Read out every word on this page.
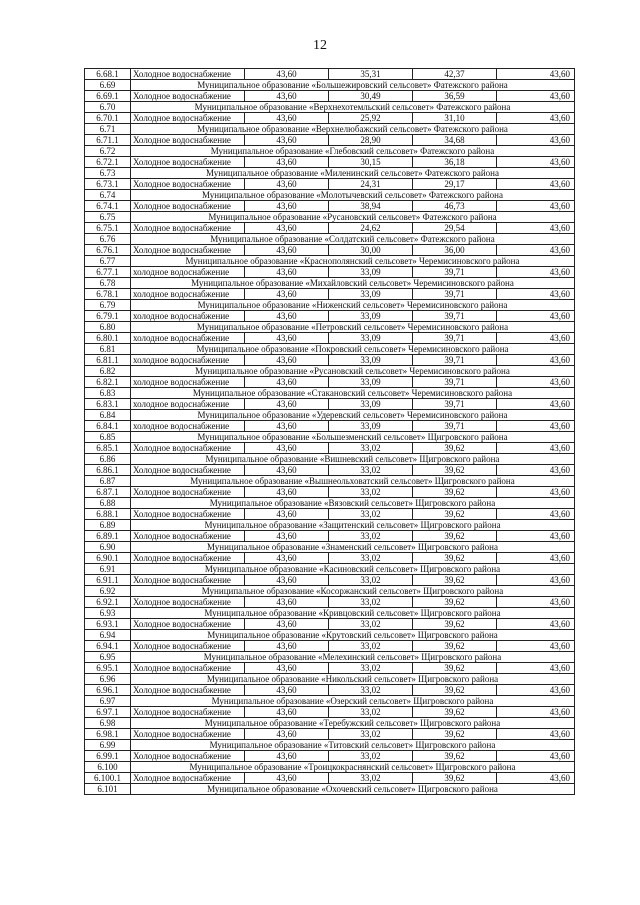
12
6.68.1	Холодное водоснабжение	43,60	35,31	42,37	43,60
6.69	Муниципальное образование «Большежировский сельсовет» Фатежского района				
6.69.1	Холодное водоснабжение	43,60	30,49	36,59	43,60
6.70	Муниципальное образование «Верхнехотемльский сельсовет» Фатежского района				
6.70.1	Холодное водоснабжение	43,60	25,92	31,10	43,60
6.71	Муниципальное образование «Верхнелюбажский сельсовет» Фатежского района				
6.71.1	Холодное водоснабжение	43,60	28,90	34,68	43,60
6.72	Муниципальное образование «Глебовский сельсовет» Фатежского района				
6.72.1	Холодное водоснабжение	43,60	30,15	36,18	43,60
6.73	Муниципальное образование «Миленинский сельсовет» Фатежского района				
6.73.1	Холодное водоснабжение	43,60	24,31	29,17	43,60
6.74	Муниципальное образование «Молотычевский сельсовет» Фатежского района				
6.74.1	Холодное водоснабжение	43,60	38,94	46,73	43,60
6.75	Муниципальное образование «Русановский сельсовет» Фатежского района				
6.75.1	Холодное водоснабжение	43,60	24,62	29,54	43,60
6.76	Муниципальное образование «Солдатский сельсовет» Фатежского района				
6.76.1	Холодное водоснабжение	43,60	30,00	36,00	43,60
6.77	Муниципальное образование «Краснополянский сельсовет» Черемисиновского района				
6.77.1	холодное водоснабжение	43,60	33,09	39,71	43,60
6.78	Муниципальное образование «Михайловский сельсовет» Черемисиновского района				
6.78.1	холодное водоснабжение	43,60	33,09	39,71	43,60
6.79	Муниципальное образование «Ниженский сельсовет» Черемисиновского района				
6.79.1	холодное водоснабжение	43,60	33,09	39,71	43,60
6.80	Муниципальное образование «Петровский сельсовет» Черемисиновского района				
6.80.1	холодное водоснабжение	43,60	33,09	39,71	43,60
6.81	Муниципальное образование «Покровский сельсовет» Черемисиновского района				
6.81.1	холодное водоснабжение	43,60	33,09	39,71	43,60
6.82	Муниципальное образование «Русановский сельсовет» Черемисиновского района				
6.82.1	холодное водоснабжение	43,60	33,09	39,71	43,60
6.83	Муниципальное образование «Стакановский сельсовет» Черемисиновского района				
6.83.1	холодное водоснабжение	43,60	33,09	39,71	43,60
6.84	Муниципальное образование «Удеревский сельсовет» Черемисиновского района				
6.84.1	холодное водоснабжение	43,60	33,09	39,71	43,60
6.85	Муниципальное образование «Большезменский сельсовет» Щигровского района				
6.85.1	Холодное водоснабжение	43,60	33,02	39,62	43,60
6.86	Муниципальное образование «Вишневский сельсовет» Щигровского района				
6.86.1	Холодное водоснабжение	43,60	33,02	39,62	43,60
6.87	Муниципальное образование «Вышнеольховатский сельсовет» Щигровского района				
6.87.1	Холодное водоснабжение	43,60	33,02	39,62	43,60
6.88	Муниципальное образование «Вязовский сельсовет» Щигровского района				
6.88.1	Холодное водоснабжение	43,60	33,02	39,62	43,60
6.89	Муниципальное образование «Защитенский сельсовет» Щигровского района				
6.89.1	Холодное водоснабжение	43,60	33,02	39,62	43,60
6.90	Муниципальное образование «Знаменский сельсовет» Щигровского района				
6.90.1	Холодное водоснабжение	43,60	33,02	39,62	43,60
6.91	Муниципальное образование «Касиновский сельсовет» Щигровского района				
6.91.1	Холодное водоснабжение	43,60	33,02	39,62	43,60
6.92	Муниципальное образование «Косоржанский сельсовет» Щигровского района				
6.92.1	Холодное водоснабжение	43,60	33,02	39,62	43,60
6.93	Муниципальное образование «Кривцовский сельсовет» Щигровского района				
6.93.1	Холодное водоснабжение	43,60	33,02	39,62	43,60
6.94	Муниципальное образование «Крутовский сельсовет» Щигровского района				
6.94.1	Холодное водоснабжение	43,60	33,02	39,62	43,60
6.95	Муниципальное образование «Мелехинский сельсовет» Щигровского района				
6.95.1	Холодное водоснабжение	43,60	33,02	39,62	43,60
6.96	Муниципальное образование «Никольский сельсовет» Щигровского района				
6.96.1	Холодное водоснабжение	43,60	33,02	39,62	43,60
6.97	Муниципальное образование «Озерский сельсовет» Щигровского района				
6.97.1	Холодное водоснабжение	43,60	33,02	39,62	43,60
6.98	Муниципальное образование «Теребужский сельсовет» Щигровского района				
6.98.1	Холодное водоснабжение	43,60	33,02	39,62	43,60
6.99	Муниципальное образование «Титовский сельсовет» Щигровского района				
6.99.1	Холодное водоснабжение	43,60	33,02	39,62	43,60
6.100	Муниципальное образование «Троицкокраснянский сельсовет» Щигровского района				
6.100.1	Холодное водоснабжение	43,60	33,02	39,62	43,60
6.101	Муниципальное образование «Охочевский сельсовет» Щигровского района				
